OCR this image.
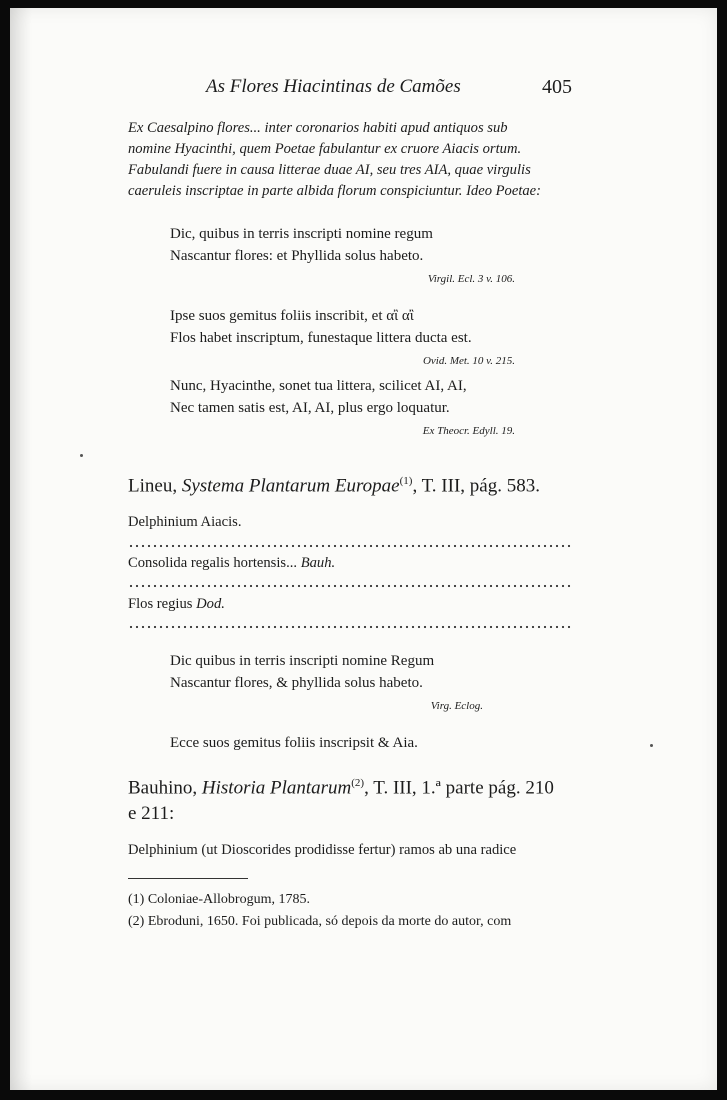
As Flores Hiacintinas de Camões	405
Ex Caesalpino flores... inter coronarios habiti apud antiquos sub
nomine Hyacinthi, quem Poetae fabulantur ex cruore Aiacis ortum.
Fabulandi fuere in causa litterae duae AI, seu tres AIA, quae virgulis
caeruleis inscriptae in parte albida florum conspiciuntur. Ideo Poetae:
Dic, quibus in terris inscripti nomine regum
Nascantur flores: et Phyllida solus habeto.
Virgil. Ecl. 3 v. 106.
Ipse suos gemitus foliis inscribit, et αἲ αἲ
Flos habet inscriptum, funestaque littera ducta est.
Ovid. Met. 10 v. 215.
Nunc, Hyacinthe, sonet tua littera, scilicet AI, AI,
Nec tamen satis est, AI, AI, plus ergo loquatur.
Ex Theocr. Edyll. 19.
Lineu, Systema Plantarum Europae$^{(1)}$, T. III, pág. 583.
Delphinium Aiacis.
Consolida regalis hortensis... Bauh.
Flos regius Dod.
Dic quibus in terris inscripti nomine Regum
Nascantur flores, & phyllida solus habeto.
Virg. Eclog.
Ecce suos gemitus foliis inscripsit & Aia.
Bauhino, Historia Plantarum$^{(2)}$, T. III, 1.ª parte pág. 210
e 211:
Delphinium (ut Dioscorides prodidisse fertur) ramos ab una radice
(1) Coloniae-Allobrogum, 1785.
(2) Ebroduni, 1650. Foi publicada, só depois da morte do autor, com
